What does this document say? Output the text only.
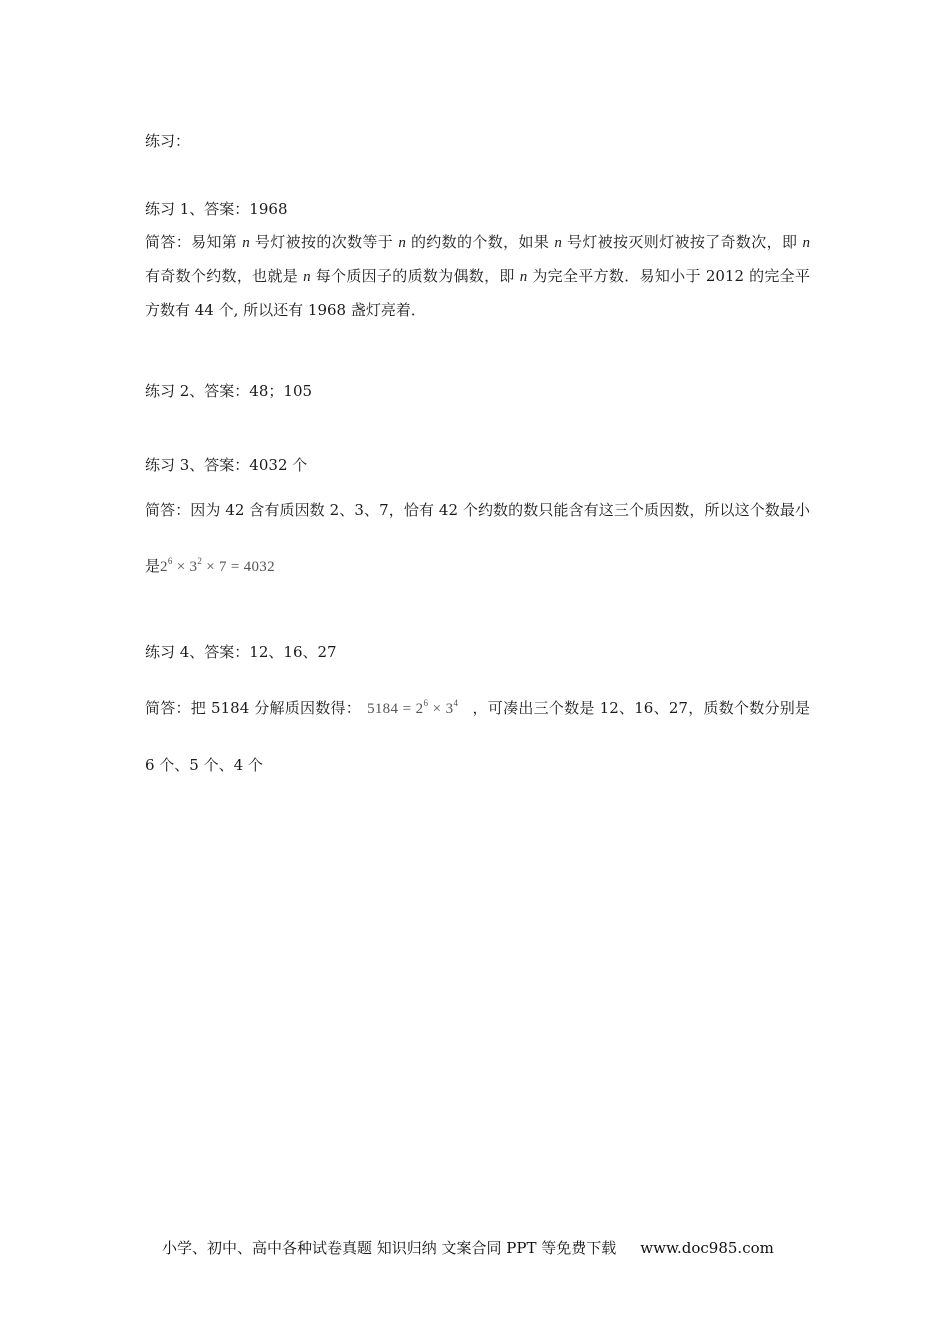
练习：
练习 1、答案：1968
简答：易知第 n 号灯被按的次数等于 n 的约数的个数，如果 n 号灯被按灭则灯被按了奇数次，即 n 有奇数个约数，也就是 n 每个质因子的质数为偶数，即 n 为完全平方数．易知小于 2012 的完全平方数有 44 个, 所以还有 1968 盏灯亮着．
练习 2、答案：48；105
练习 3、答案：4032 个
简答：因为 42 含有质因数 2、3、7，恰有 42 个约数的数只能含有这三个质因数，所以这个数最小是$2^6 \times 3^2 \times 7 = 4032$
练习 4、答案：12、16、27
简答：把 5184 分解质因数得： $5184 = 2^6 \times 3^4$ ，可凑出三个数是 12、16、27，质数个数分别是 6 个、5 个、4 个
小学、初中、高中各种试卷真题 知识归纳 文案合同 PPT 等免费下载 www.doc985.com
